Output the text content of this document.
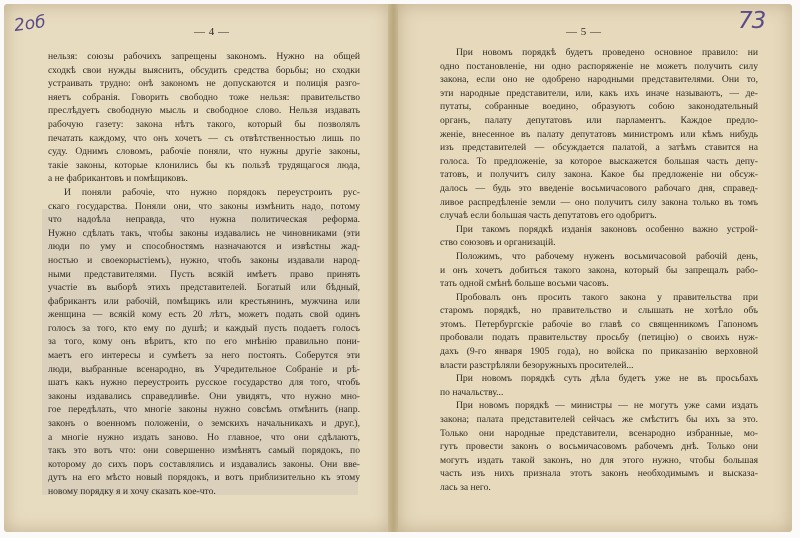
2об	— 4 —
нельзя: союзы рабочихъ запрещены закономъ. Нужно на общей
сходкѣ свои нужды выяснить, обсудить средства борьбы; но сходки
устраивать трудно: онѣ закономъ не допускаются и полиція разго-
няетъ собранія. Говорить свободно тоже нельзя: правительство
преслѣдуетъ свободную мысль и свободное слово. Нельзя издавать
рабочую газету: закона нѣтъ такого, который бы позволялъ
печатать каждому, что онъ хочетъ — съ отвѣтственностью лишь по
суду. Однимъ словомъ, рабочіе поняли, что нужны другіе законы,
такіе законы, которые клонились бы къ пользѣ трудящагося люда,
а не фабрикантовъ и помѣщиковъ.
И поняли рабочіе, что нужно порядокъ переустроить рус-
скаго государства. Поняли они, что законы измѣнить надо, потому
что надоѣла неправдa, что нужна политическая реформа.
Нужно сдѣлать такъ, чтобы законы издавались не чиновниками (эти
люди по уму и способностямъ назначаются и извѣстны жад-
ностью и своекорыстіемъ), нужно, чтобъ законы издавали народ-
ными представителями. Пусть всякій имѣетъ право принять
участіе въ выборѣ этихъ представителей. Богатый или бѣдный,
фабрикантъ или рабочій, помѣщикъ или крестьянинъ, мужчина или
женщина — всякій кому есть 20 лѣтъ, можетъ подать свой одинъ
голосъ за того, кто ему по душѣ; и каждый пусть подаетъ голосъ
за того, кому онъ вѣритъ, кто по его мнѣнію правильно пони-
маетъ его интересы и сумѣетъ за него постоять. Соберутся эти
люди, выбранные всенародно, въ Учредительное Собраніе и рѣ-
шатъ какъ нужно переустроить русское государство для того, чтобъ
законы издавались справедливѣе. Они увидятъ, что нужно мно-
гое передѣлать, что многіе законы нужно совсѣмъ отмѣнить (напр.
законъ о военномъ положеніи, о земскихъ начальникахъ и друг.),
а многіе нужно издать заново. Но главное, что они сдѣлаютъ,
такъ это вотъ что: они совершенно измѣнятъ самый порядокъ, по
которому до сихъ поръ составлялись и издавались законы. Они вве-
дутъ на его мѣсто новый порядокъ, и вотъ приблизительно къ этому
новому порядку я и хочу сказать кое-что.
73
— 5 —
При новомъ порядкѣ будетъ проведено основное правило: ни
одно постановленіе, ни одно распоряженіе не можетъ получить силу
закона, если оно не одобрено народными представителями. Они то,
эти народные представители, или, какъ ихъ иначе называютъ, — де-
путаты, собранные воедино, образуютъ собою законодательный
органъ, палату депутатовъ или парламентъ. Каждое предло-
женіе, внесенное въ палату депутатовъ министромъ или кѣмъ нибудь
изъ представителей — обсуждается палатой, а затѣмъ ставится на
голоса. То предложеніе, за которое выскажется большая часть депу-
татовъ, и получитъ силу закона. Какое бы предложеніе ни обсуж-
далось — будь это введеніе восьмичасового рабочаго дня, справед-
ливое распредѣленіе земли — оно получитъ силу закона только въ томъ
случаѣ если большая часть депутатовъ его одобритъ.
При такомъ порядкѣ изданія законовъ особенно важно устрой-
ство союзовъ и организацій.
Положимъ, что рабочему нуженъ восьмичасовой рабочій день,
и онъ хочетъ добиться такого закона, который бы запрещалъ рабо-
тать одной смѣнѣ больше восьми часовъ.
Пробовалъ онъ просить такого закона у правительства при
старомъ порядкѣ, но правительство и слышать не хотѣло объ
этомъ. Петербургскіе рабочіе во главѣ со священникомъ Гапономъ
пробовали подать правительству просьбу (петицію) о своихъ нуж-
дахъ (9-го января 1905 года), но войска по приказанію верховной
власти разстрѣляли безоружныхъ просителей...
При новомъ порядкѣ суть дѣла будетъ уже не въ просьбахъ
по начальству...
При новомъ порядкѣ — министры — не могутъ уже сами издать
закона; палата представителей сейчасъ же смѣститъ бы ихъ за это.
Только они народные представители, всенародно избранные, мо-
гутъ провести законъ о восьмичасовомъ рабочемъ днѣ. Только они
могутъ издать такой законъ, но для этого нужно, чтобы большая
часть изъ нихъ признала этотъ законъ необходимымъ и высказа-
лась за него.
